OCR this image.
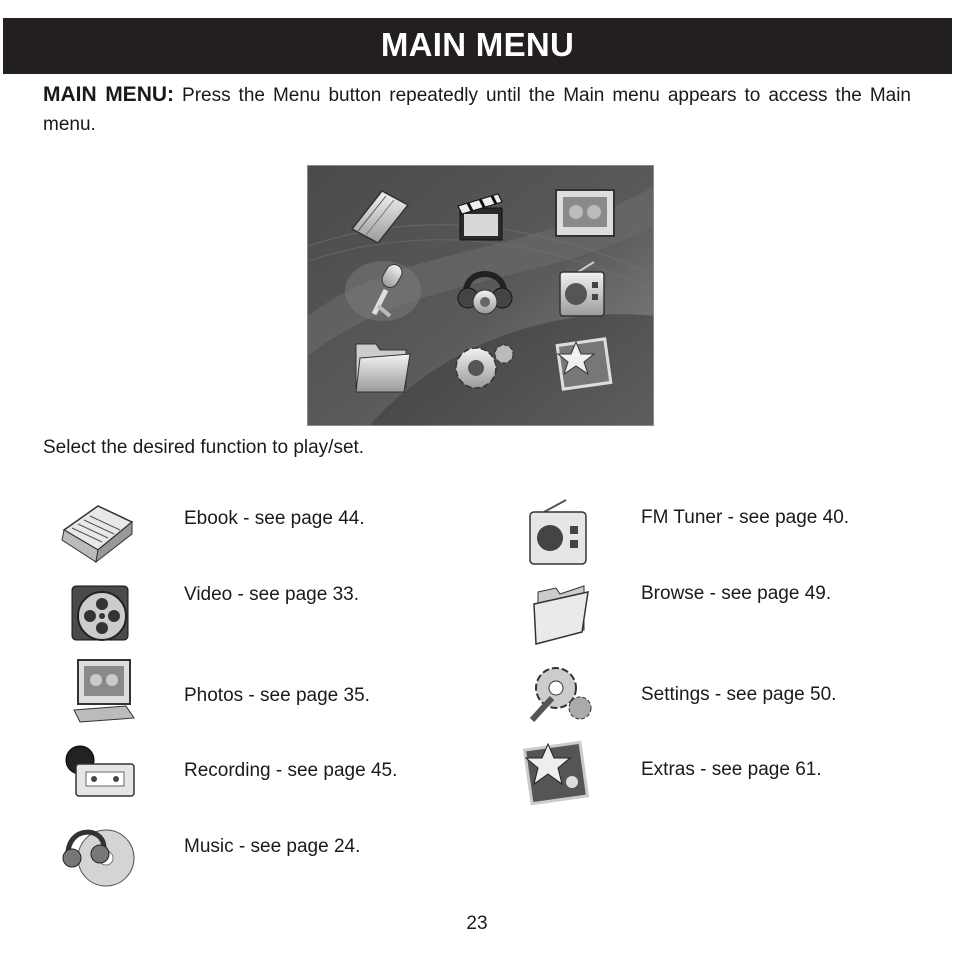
MAIN MENU
MAIN MENU: Press the Menu button repeatedly until the Main menu appears to access the Main menu.
Select the desired function to play/set.
Ebook - see page 44.
Video - see page 33.
Photos - see page 35.
Recording - see page 45.
Music - see page 24.
FM Tuner - see page 40.
Browse - see page 49.
Settings - see page 50.
Extras - see page 61.
23
